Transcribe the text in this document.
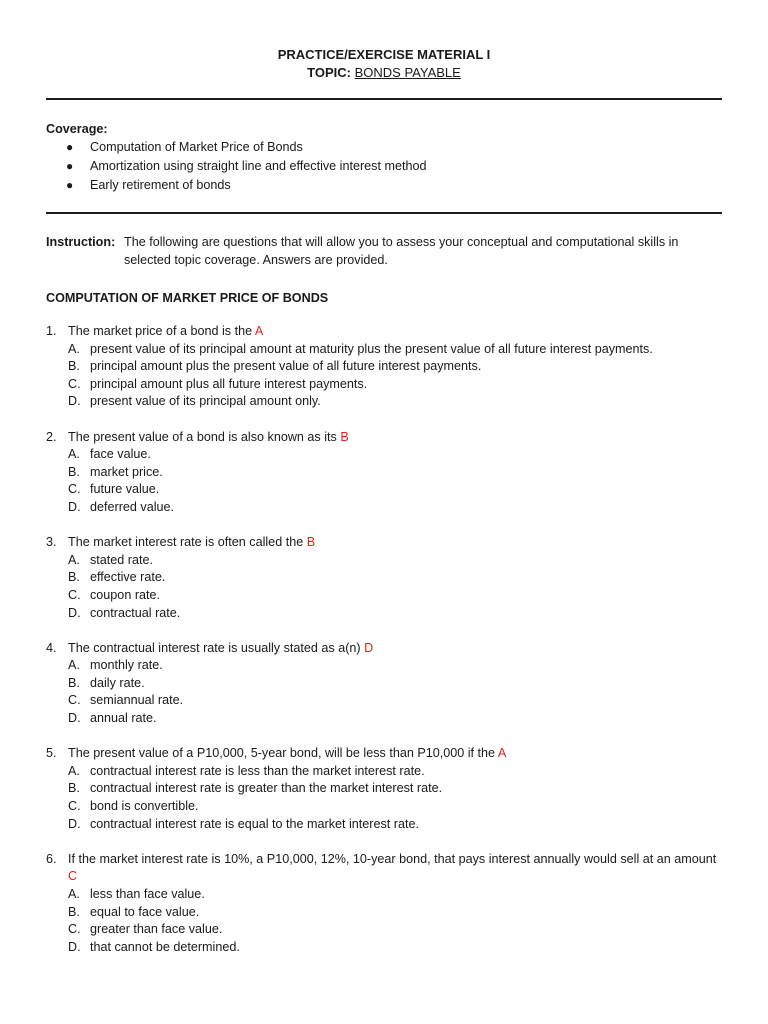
PRACTICE/EXERCISE MATERIAL I
TOPIC: BONDS PAYABLE
Coverage:
● Computation of Market Price of Bonds
● Amortization using straight line and effective interest method
● Early retirement of bonds
Instruction: The following are questions that will allow you to assess your conceptual and computational skills in selected topic coverage. Answers are provided.
COMPUTATION OF MARKET PRICE OF BONDS
1. The market price of a bond is the A
A. present value of its principal amount at maturity plus the present value of all future interest payments.
B. principal amount plus the present value of all future interest payments.
C. principal amount plus all future interest payments.
D. present value of its principal amount only.
2. The present value of a bond is also known as its B
A. face value.
B. market price.
C. future value.
D. deferred value.
3. The market interest rate is often called the B
A. stated rate.
B. effective rate.
C. coupon rate.
D. contractual rate.
4. The contractual interest rate is usually stated as a(n) D
A. monthly rate.
B. daily rate.
C. semiannual rate.
D. annual rate.
5. The present value of a P10,000, 5-year bond, will be less than P10,000 if the A
A. contractual interest rate is less than the market interest rate.
B. contractual interest rate is greater than the market interest rate.
C. bond is convertible.
D. contractual interest rate is equal to the market interest rate.
6. If the market interest rate is 10%, a P10,000, 12%, 10-year bond, that pays interest annually would sell at an amount C
A. less than face value.
B. equal to face value.
C. greater than face value.
D. that cannot be determined.
